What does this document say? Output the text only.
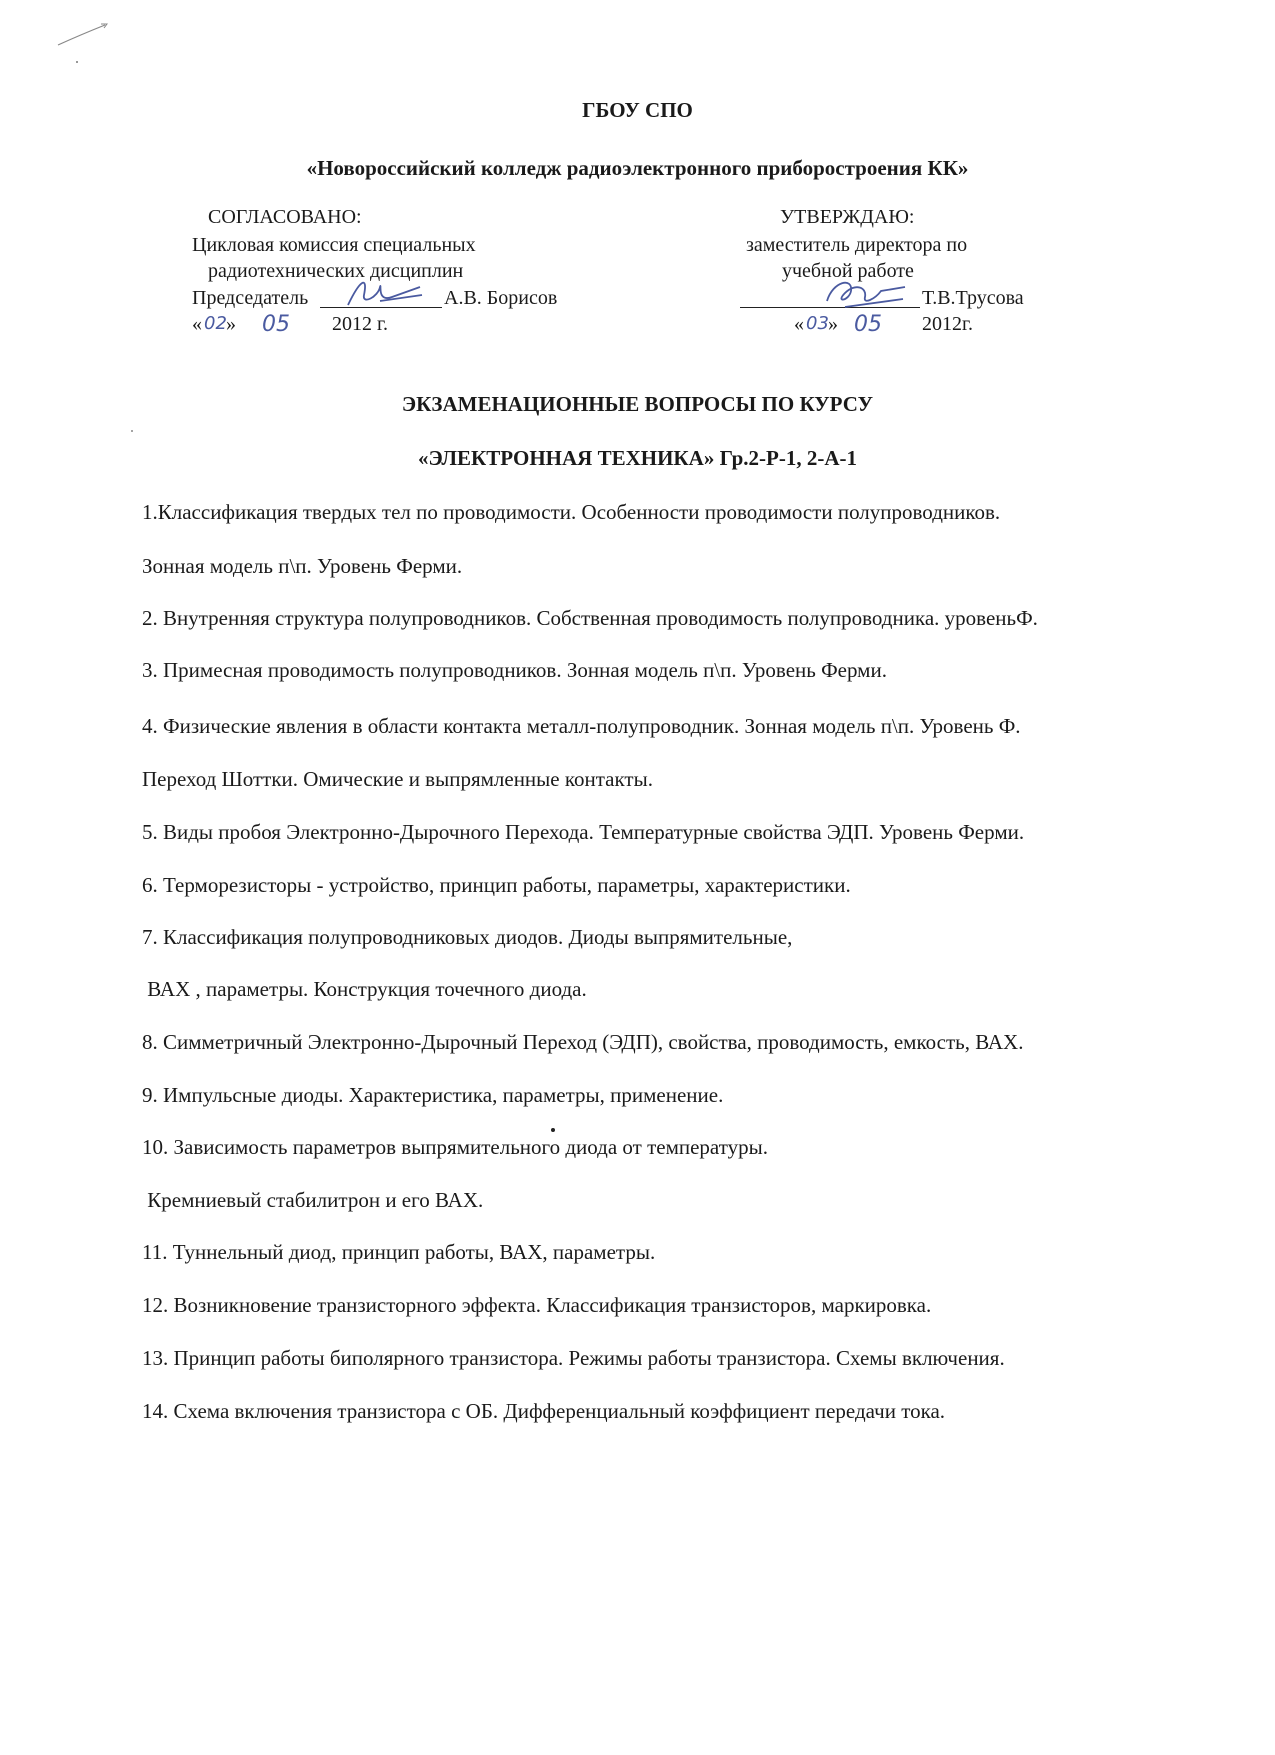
ГБОУ СПО
«Новороссийский колледж радиоэлектронного приборостроения КК»
СОГЛАСОВАНО:
Цикловая комиссия специальных
радиотехнических дисциплин
Председатель	А.В. Борисов
« 02 » 05 2012 г.
УТВЕРЖДАЮ:
заместитель директора по
учебной работе
Т.В.Трусова
« 03 » 05 2012г.
ЭКЗАМЕНАЦИОННЫЕ ВОПРОСЫ ПО КУРСУ
«ЭЛЕКТРОННАЯ ТЕХНИКА» Гр.2-Р-1, 2-А-1
1.Классификация твердых тел по проводимости. Особенности проводимости полупроводников.
Зонная модель п\п. Уровень Ферми.
2. Внутренняя структура полупроводников. Собственная проводимость полупроводника. уровеньФ.
3. Примесная проводимость полупроводников. Зонная модель п\п. Уровень Ферми.
4. Физические явления в области контакта металл-полупроводник. Зонная модель п\п. Уровень Ф.
Переход Шоттки. Омические и выпрямленные контакты.
5. Виды пробоя Электронно-Дырочного Перехода. Температурные свойства ЭДП. Уровень Ферми.
6. Терморезисторы - устройство, принцип работы, параметры, характеристики.
7. Классификация полупроводниковых диодов. Диоды выпрямительные,
ВАХ , параметры. Конструкция точечного диода.
8. Симметричный Электронно-Дырочный Переход (ЭДП), свойства, проводимость, емкость, ВАХ.
9. Импульсные диоды. Характеристика, параметры, применение.
10. Зависимость параметров выпрямительного диода от температуры.
Кремниевый стабилитрон и его ВАХ.
11. Туннельный диод, принцип работы, ВАХ, параметры.
12. Возникновение транзисторного эффекта. Классификация транзисторов, маркировка.
13. Принцип работы биполярного транзистора. Режимы работы транзистора. Схемы включения.
14. Схема включения транзистора с ОБ. Дифференциальный коэффициент передачи тока.
